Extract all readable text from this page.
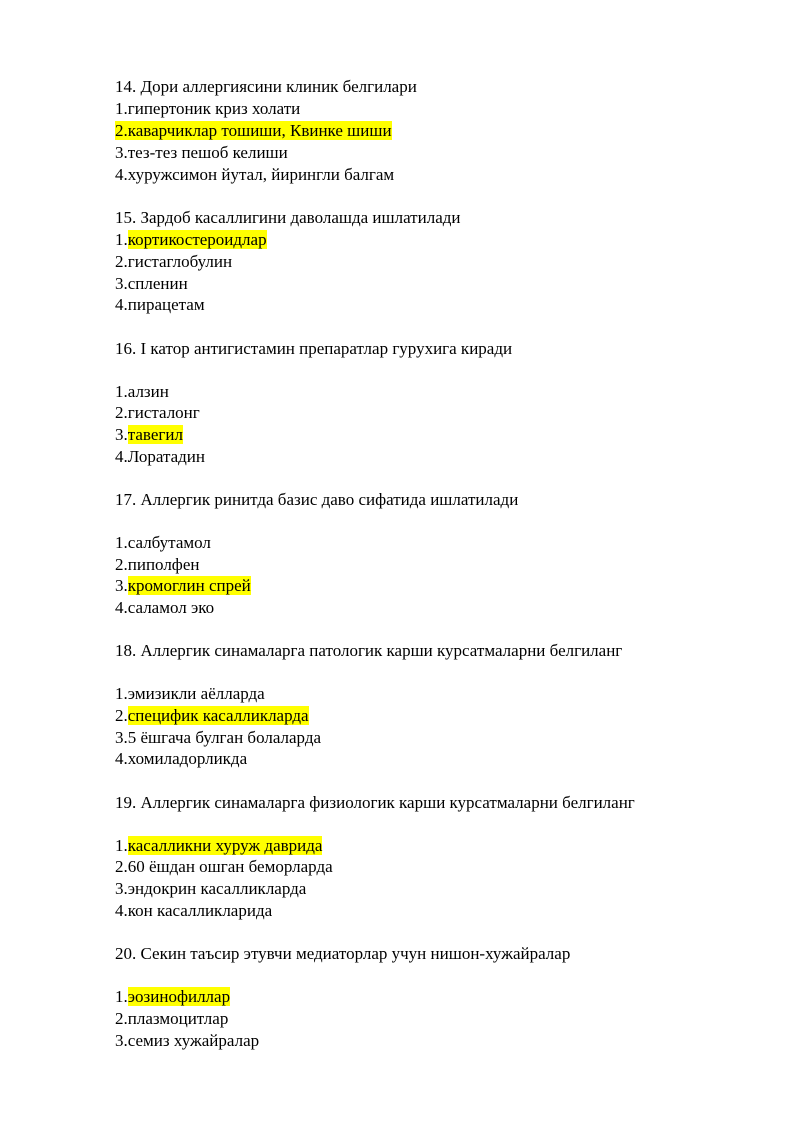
14. Дори аллергиясини клиник белгилари
1.гипертоник криз холати
2.каварчиклар тошиши, Квинке шиши
3.тез-тез пешоб келиши
4.хуружсимон йутал, йирингли балгам
15. Зардоб касаллигини даволашда ишлатилади
1.кортикостероидлар
2.гистаглобулин
3.спленин
4.пирацетам
16. I катор антигистамин препаратлар гурухига киради
1.алзин
2.гисталонг
3.тавегил
4.Лоратадин
17. Аллергик ринитда базис даво сифатида ишлатилади
1.салбутамол
2.пиполфен
3.кромоглин спрей
4.саламол эко
18. Аллергик синамаларга патологик карши курсатмаларни белгиланг
1.эмизикли аёлларда
2.специфик касалликларда
3.5 ёшгача булган болаларда
4.хомиладорликда
19. Аллергик синамаларга физиологик карши курсатмаларни белгиланг
1.касалликни хуруж даврида
2.60 ёшдан ошган беморларда
3.эндокрин касалликларда
4.кон касалликларида
20. Секин таъсир этувчи медиаторлар учун нишон-хужайралар
1.эозинофиллар
2.плазмоцитлар
3.семиз хужайралар
